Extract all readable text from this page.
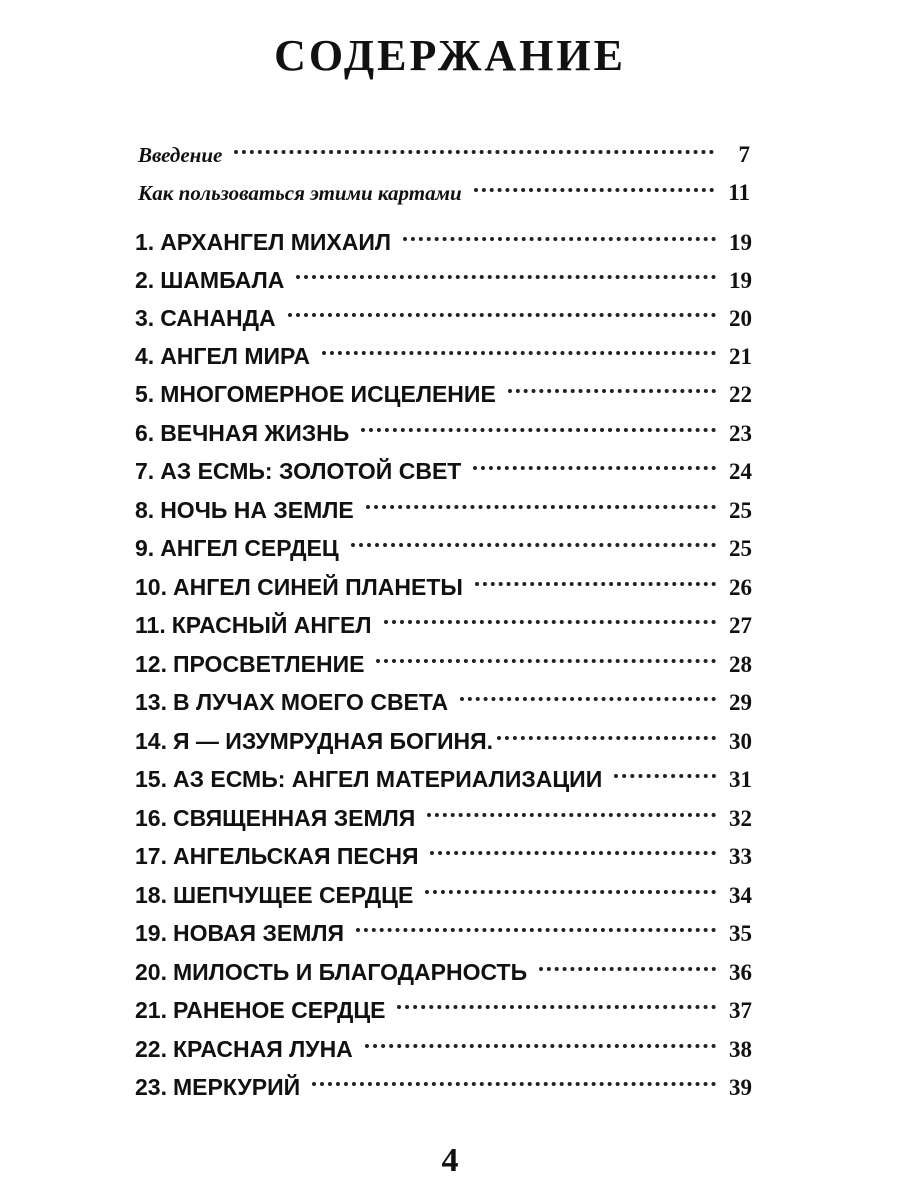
СОДЕРЖАНИЕ
Введение	7
Как пользоваться этими картами	11
1. АРХАНГЕЛ МИХАИЛ	19
2. ШАМБАЛА	19
3. САНАНДА	20
4. АНГЕЛ МИРА	21
5. МНОГОМЕРНОЕ ИСЦЕЛЕНИЕ	22
6. ВЕЧНАЯ ЖИЗНЬ	23
7. АЗ ЕСМЬ: ЗОЛОТОЙ СВЕТ	24
8. НОЧЬ НА ЗЕМЛЕ	25
9. АНГЕЛ СЕРДЕЦ	25
10. АНГЕЛ СИНЕЙ ПЛАНЕТЫ	26
11. КРАСНЫЙ АНГЕЛ	27
12. ПРОСВЕТЛЕНИЕ	28
13. В ЛУЧАХ МОЕГО СВЕТА	29
14. Я — ИЗУМРУДНАЯ БОГИНЯ.	30
15. АЗ ЕСМЬ: АНГЕЛ МАТЕРИАЛИЗАЦИИ	31
16. СВЯЩЕННАЯ ЗЕМЛЯ	32
17. АНГЕЛЬСКАЯ ПЕСНЯ	33
18. ШЕПЧУЩЕЕ СЕРДЦЕ	34
19. НОВАЯ ЗЕМЛЯ	35
20. МИЛОСТЬ И БЛАГОДАРНОСТЬ	36
21. РАНЕНОЕ СЕРДЦЕ	37
22. КРАСНАЯ ЛУНА	38
23. МЕРКУРИЙ	39
4
